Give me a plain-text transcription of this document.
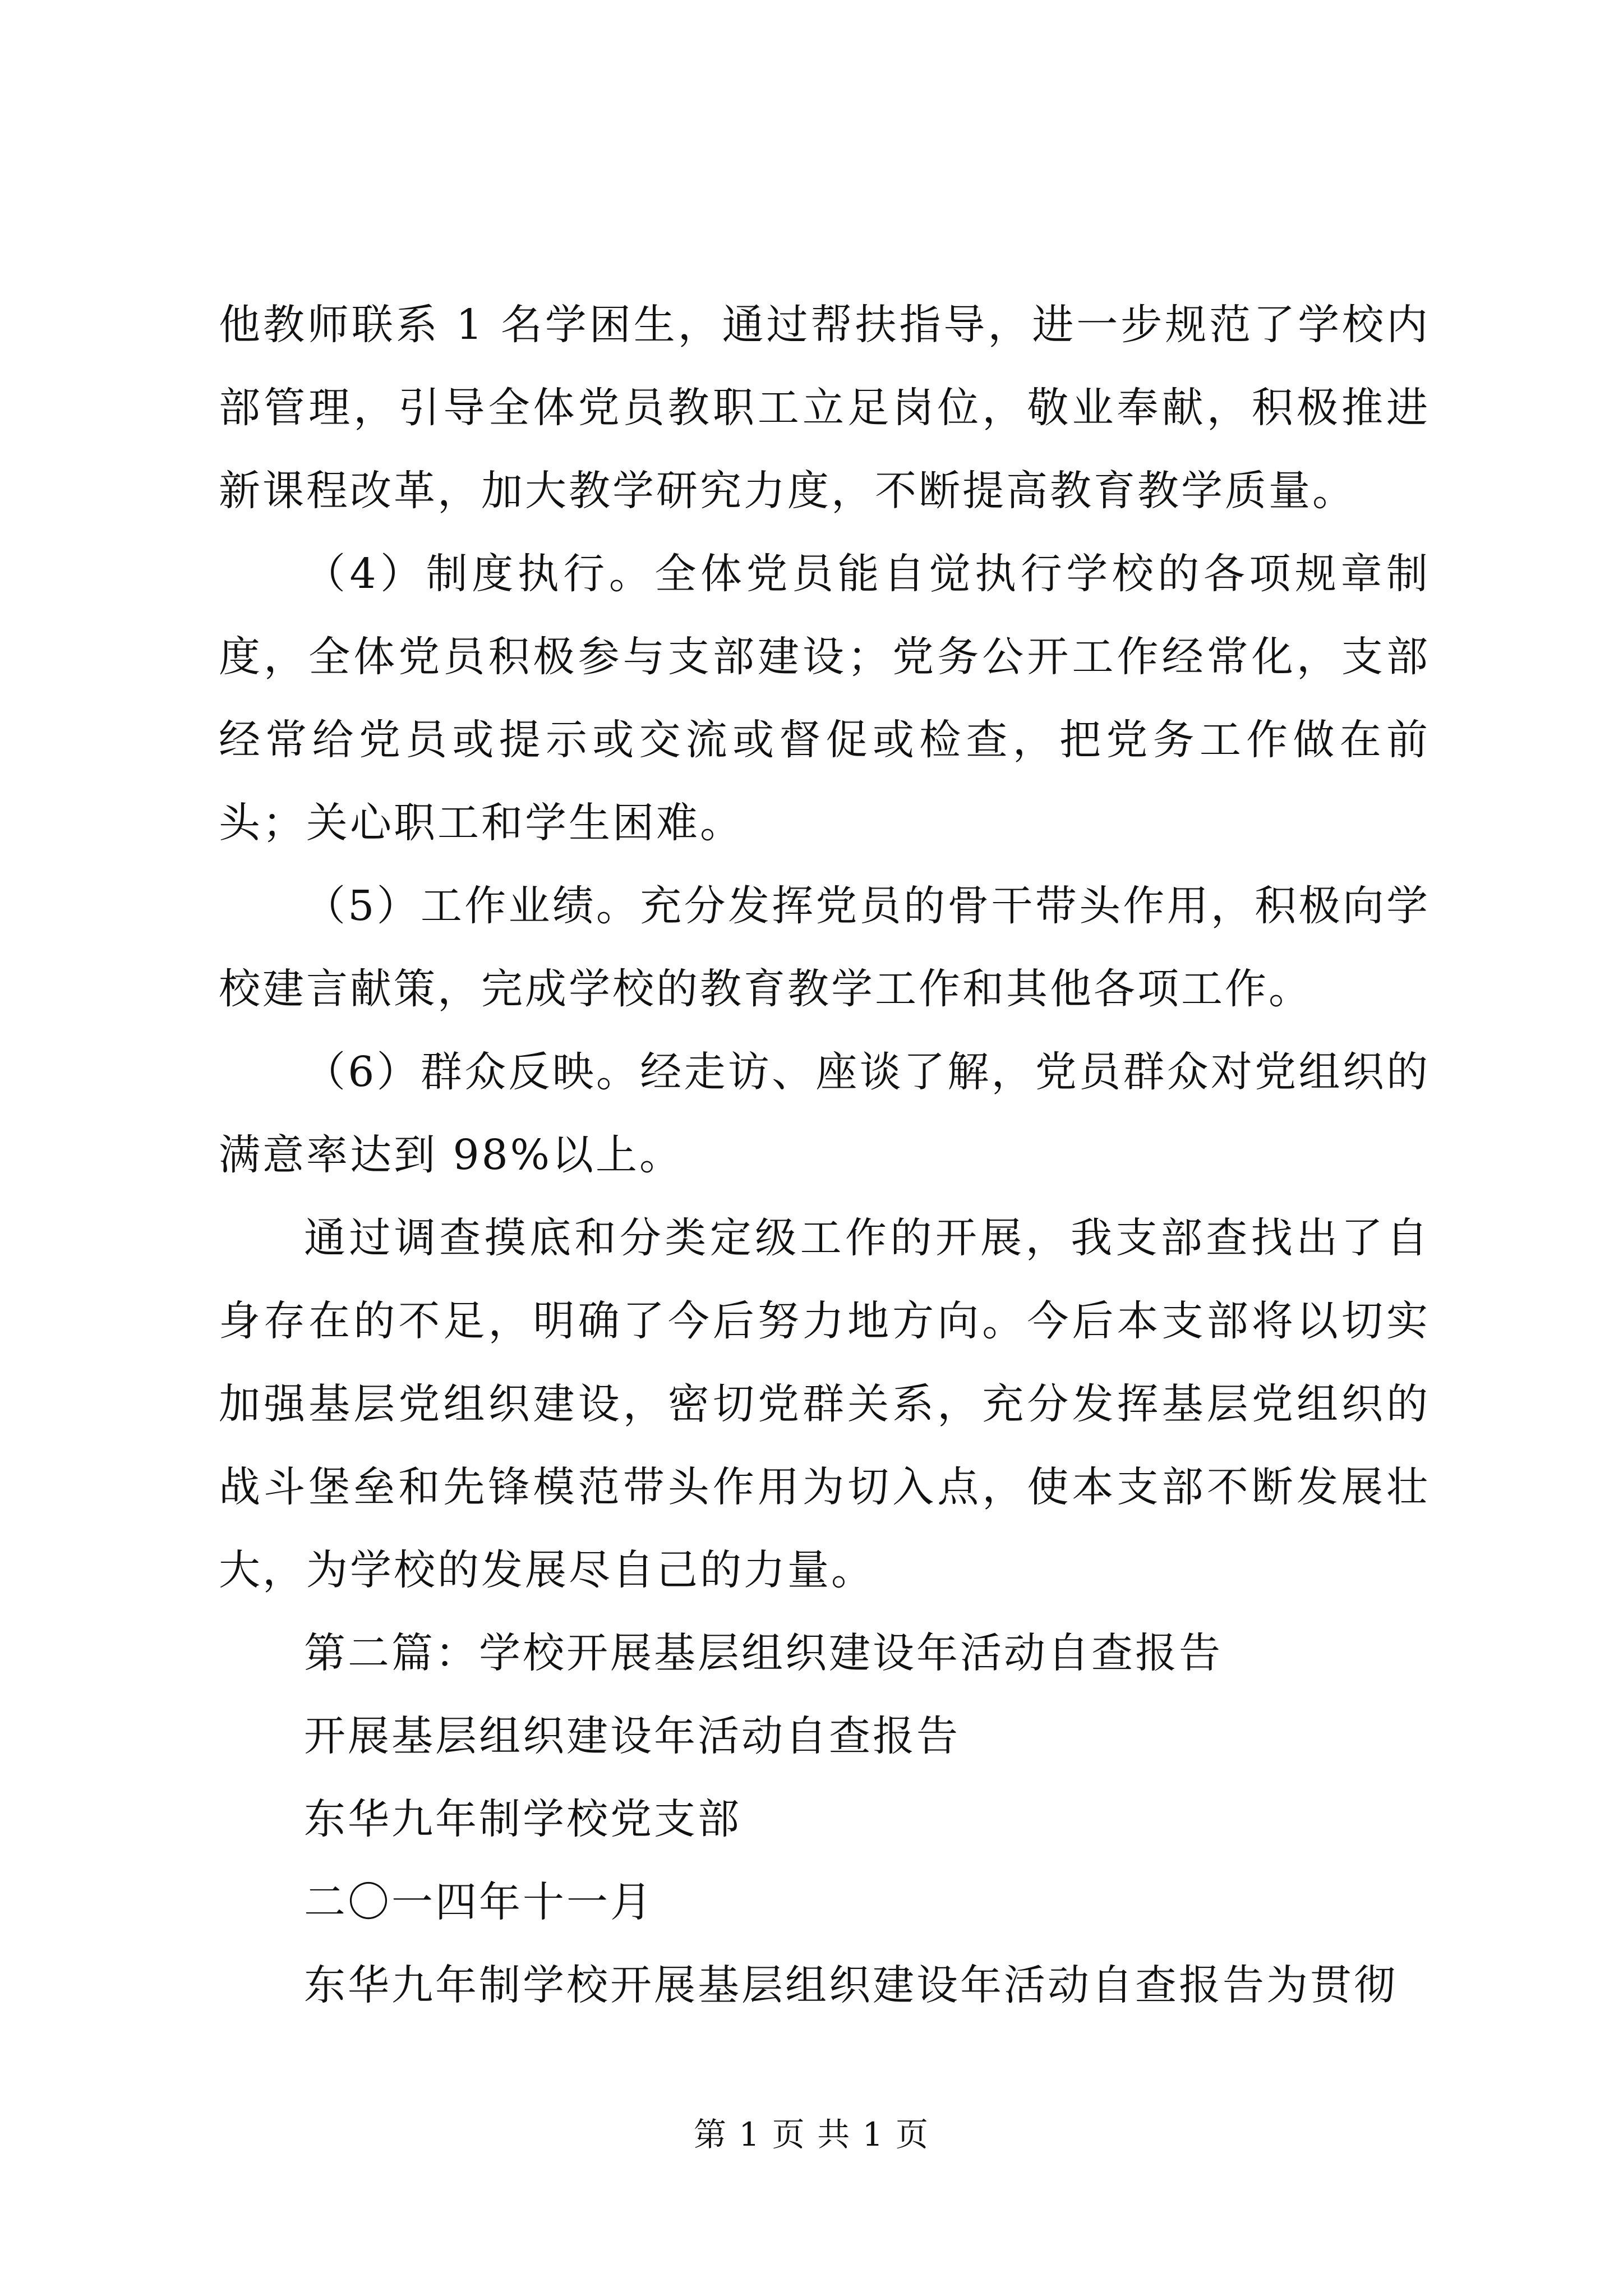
他教师联系 1 名学困生，通过帮扶指导，进一步规范了学校内部管理，引导全体党员教职工立足岗位，敬业奉献，积极推进新课程改革，加大教学研究力度，不断提高教育教学质量。

（4）制度执行。全体党员能自觉执行学校的各项规章制度，全体党员积极参与支部建设；党务公开工作经常化，支部经常给党员或提示或交流或督促或检查，把党务工作做在前头；关心职工和学生困难。

（5）工作业绩。充分发挥党员的骨干带头作用，积极向学校建言献策，完成学校的教育教学工作和其他各项工作。

（6）群众反映。经走访、座谈了解，党员群众对党组织的满意率达到 98%以上。

通过调查摸底和分类定级工作的开展，我支部查找出了自身存在的不足，明确了今后努力地方向。今后本支部将以切实加强基层党组织建设，密切党群关系，充分发挥基层党组织的战斗堡垒和先锋模范带头作用为切入点，使本支部不断发展壮大，为学校的发展尽自己的力量。

第二篇：学校开展基层组织建设年活动自查报告

开展基层组织建设年活动自查报告

东华九年制学校党支部

二〇一四年十一月

东华九年制学校开展基层组织建设年活动自查报告为贯彻

第 1 页 共 1 页
